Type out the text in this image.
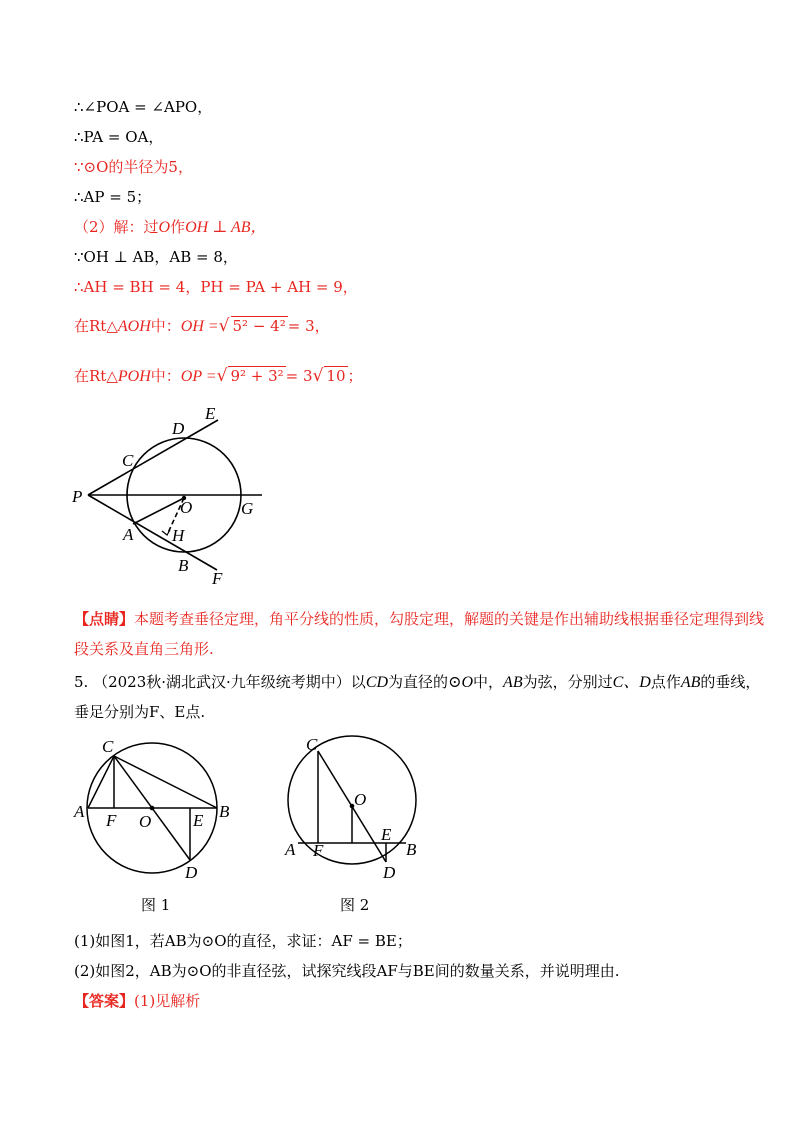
∴∠POA = ∠APO，
∴PA = OA，
∵⊙O的半径为5，
∴AP = 5；
（2）解：过O作OH ⊥ AB，
∵OH ⊥ AB，AB = 8，
∴AH = BH = 4，PH = PA + AH = 9，
在Rt△AOH中：OH =√ 5² − 4² = 3，
在Rt△POH中：OP =√ 9² + 3² = 3√ 10 ；
E
D
C
P
O	G
A H
B
F
【点睛】本题考查垂径定理，角平分线的性质，勾股定理，解题的关键是作出辅助线根据垂径定理得到线
段关系及直角三角形.
5. （2023秋·湖北武汉·九年级统考期中）以CD为直径的⊙O中，AB为弦，分别过C、D点作AB的垂线，
垂足分别为F、E点.
C
A F O E B
D
图 1
C
O
E
A F	B
D
图 2
(1)如图1，若AB为⊙O的直径，求证：AF = BE；
(2)如图2，AB为⊙O的非直径弦，试探究线段AF与BE间的数量关系，并说明理由.
【答案】(1)见解析
